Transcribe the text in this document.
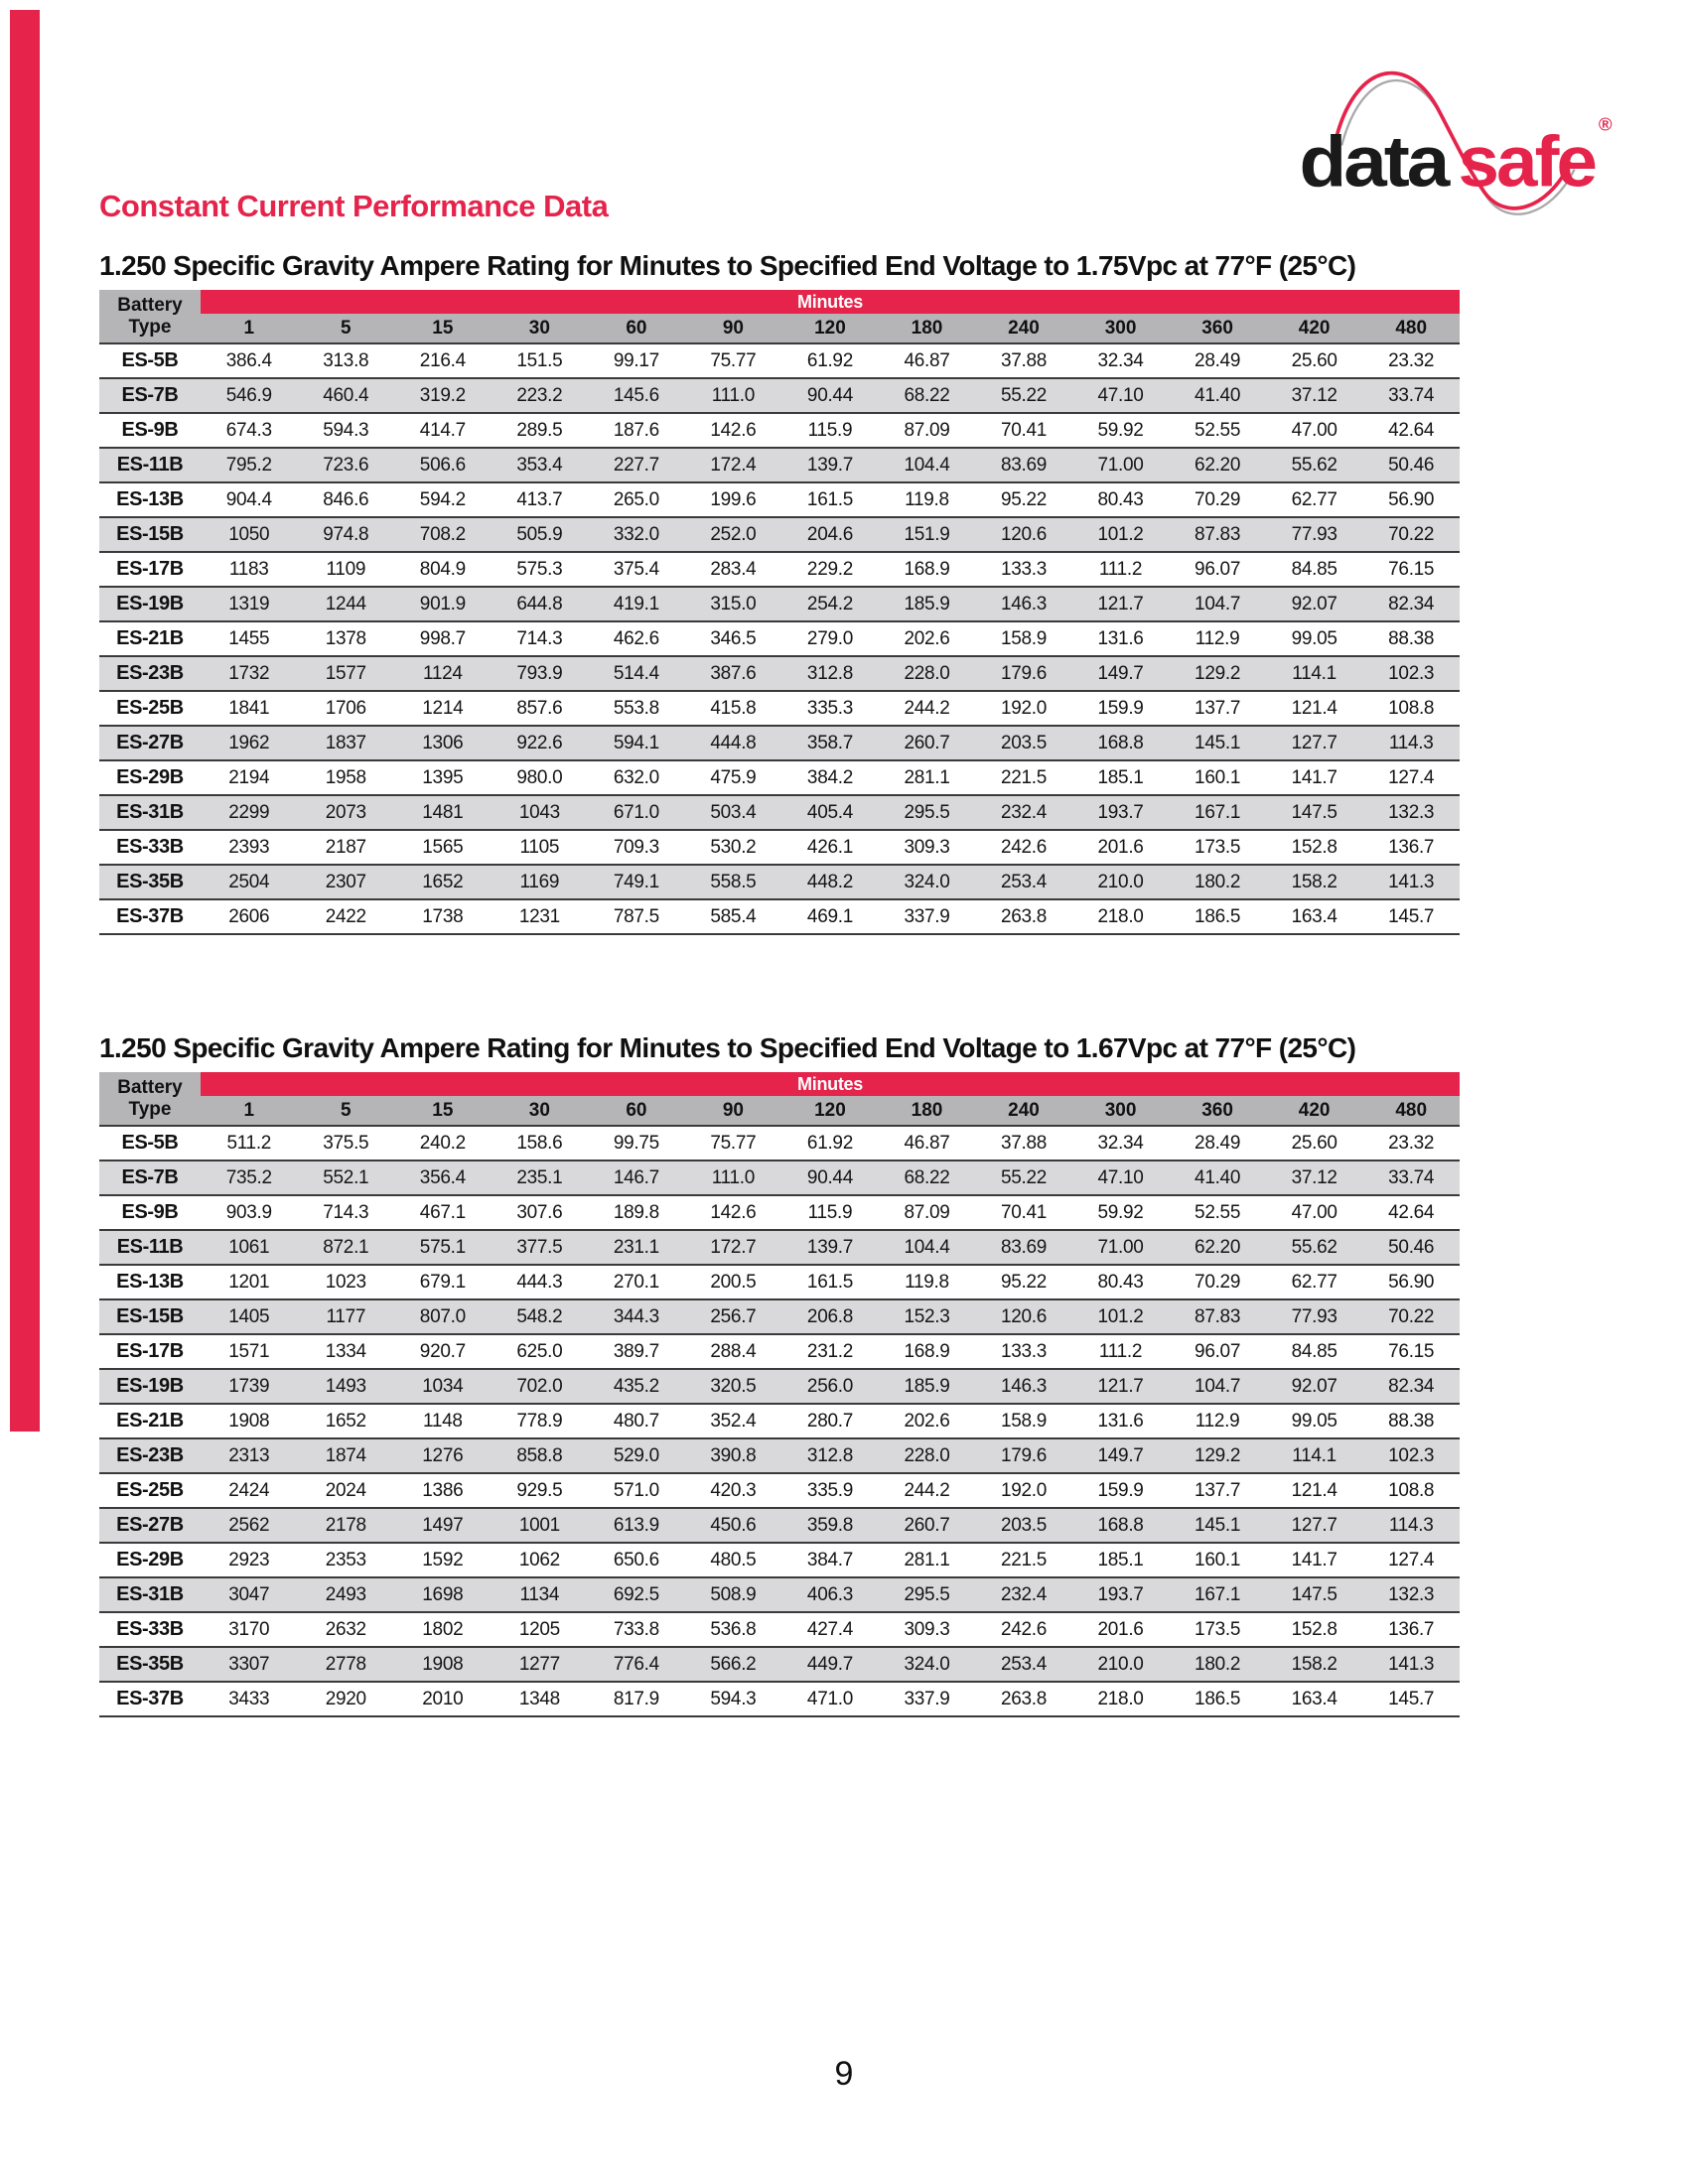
data safe ®
Constant Current Performance Data
1.250 Specific Gravity Ampere Rating for Minutes to Specified End Voltage to 1.75Vpc at 77°F (25°C)
Battery
Type	Minutes												
	1	5	15	30	60	90	120	180	240	300	360	420	480
ES-5B	386.4	313.8	216.4	151.5	99.17	75.77	61.92	46.87	37.88	32.34	28.49	25.60	23.32
ES-7B	546.9	460.4	319.2	223.2	145.6	111.0	90.44	68.22	55.22	47.10	41.40	37.12	33.74
ES-9B	674.3	594.3	414.7	289.5	187.6	142.6	115.9	87.09	70.41	59.92	52.55	47.00	42.64
ES-11B	795.2	723.6	506.6	353.4	227.7	172.4	139.7	104.4	83.69	71.00	62.20	55.62	50.46
ES-13B	904.4	846.6	594.2	413.7	265.0	199.6	161.5	119.8	95.22	80.43	70.29	62.77	56.90
ES-15B	1050	974.8	708.2	505.9	332.0	252.0	204.6	151.9	120.6	101.2	87.83	77.93	70.22
ES-17B	1183	1109	804.9	575.3	375.4	283.4	229.2	168.9	133.3	111.2	96.07	84.85	76.15
ES-19B	1319	1244	901.9	644.8	419.1	315.0	254.2	185.9	146.3	121.7	104.7	92.07	82.34
ES-21B	1455	1378	998.7	714.3	462.6	346.5	279.0	202.6	158.9	131.6	112.9	99.05	88.38
ES-23B	1732	1577	1124	793.9	514.4	387.6	312.8	228.0	179.6	149.7	129.2	114.1	102.3
ES-25B	1841	1706	1214	857.6	553.8	415.8	335.3	244.2	192.0	159.9	137.7	121.4	108.8
ES-27B	1962	1837	1306	922.6	594.1	444.8	358.7	260.7	203.5	168.8	145.1	127.7	114.3
ES-29B	2194	1958	1395	980.0	632.0	475.9	384.2	281.1	221.5	185.1	160.1	141.7	127.4
ES-31B	2299	2073	1481	1043	671.0	503.4	405.4	295.5	232.4	193.7	167.1	147.5	132.3
ES-33B	2393	2187	1565	1105	709.3	530.2	426.1	309.3	242.6	201.6	173.5	152.8	136.7
ES-35B	2504	2307	1652	1169	749.1	558.5	448.2	324.0	253.4	210.0	180.2	158.2	141.3
ES-37B	2606	2422	1738	1231	787.5	585.4	469.1	337.9	263.8	218.0	186.5	163.4	145.7
1.250 Specific Gravity Ampere Rating for Minutes to Specified End Voltage to 1.67Vpc at 77°F (25°C)
Battery
Type	Minutes												
	1	5	15	30	60	90	120	180	240	300	360	420	480
ES-5B	511.2	375.5	240.2	158.6	99.75	75.77	61.92	46.87	37.88	32.34	28.49	25.60	23.32
ES-7B	735.2	552.1	356.4	235.1	146.7	111.0	90.44	68.22	55.22	47.10	41.40	37.12	33.74
ES-9B	903.9	714.3	467.1	307.6	189.8	142.6	115.9	87.09	70.41	59.92	52.55	47.00	42.64
ES-11B	1061	872.1	575.1	377.5	231.1	172.7	139.7	104.4	83.69	71.00	62.20	55.62	50.46
ES-13B	1201	1023	679.1	444.3	270.1	200.5	161.5	119.8	95.22	80.43	70.29	62.77	56.90
ES-15B	1405	1177	807.0	548.2	344.3	256.7	206.8	152.3	120.6	101.2	87.83	77.93	70.22
ES-17B	1571	1334	920.7	625.0	389.7	288.4	231.2	168.9	133.3	111.2	96.07	84.85	76.15
ES-19B	1739	1493	1034	702.0	435.2	320.5	256.0	185.9	146.3	121.7	104.7	92.07	82.34
ES-21B	1908	1652	1148	778.9	480.7	352.4	280.7	202.6	158.9	131.6	112.9	99.05	88.38
ES-23B	2313	1874	1276	858.8	529.0	390.8	312.8	228.0	179.6	149.7	129.2	114.1	102.3
ES-25B	2424	2024	1386	929.5	571.0	420.3	335.9	244.2	192.0	159.9	137.7	121.4	108.8
ES-27B	2562	2178	1497	1001	613.9	450.6	359.8	260.7	203.5	168.8	145.1	127.7	114.3
ES-29B	2923	2353	1592	1062	650.6	480.5	384.7	281.1	221.5	185.1	160.1	141.7	127.4
ES-31B	3047	2493	1698	1134	692.5	508.9	406.3	295.5	232.4	193.7	167.1	147.5	132.3
ES-33B	3170	2632	1802	1205	733.8	536.8	427.4	309.3	242.6	201.6	173.5	152.8	136.7
ES-35B	3307	2778	1908	1277	776.4	566.2	449.7	324.0	253.4	210.0	180.2	158.2	141.3
ES-37B	3433	2920	2010	1348	817.9	594.3	471.0	337.9	263.8	218.0	186.5	163.4	145.7
9
